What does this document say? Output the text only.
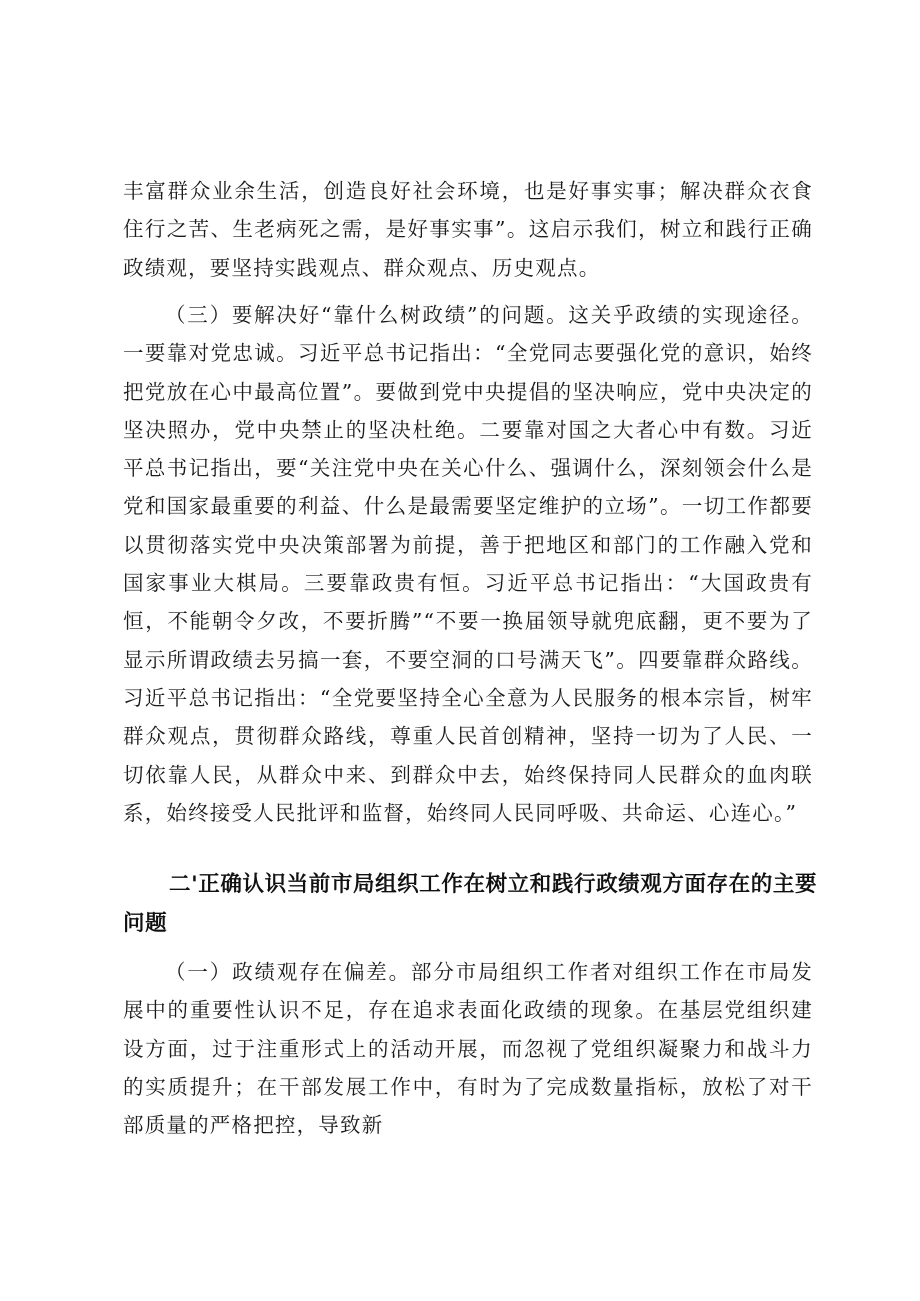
丰富群众业余生活，创造良好社会环境，也是好事实事；解决群众衣食住行之苦、生老病死之需，是好事实事”。这启示我们，树立和践行正确政绩观，要坚持实践观点、群众观点、历史观点。

（三）要解决好“靠什么树政绩”的问题。这关乎政绩的实现途径。一要靠对党忠诚。习近平总书记指出：“全党同志要强化党的意识，始终把党放在心中最高位置”。要做到党中央提倡的坚决响应，党中央决定的坚决照办，党中央禁止的坚决杜绝。二要靠对国之大者心中有数。习近平总书记指出，要“关注党中央在关心什么、强调什么，深刻领会什么是党和国家最重要的利益、什么是最需要坚定维护的立场”。一切工作都要以贯彻落实党中央决策部署为前提，善于把地区和部门的工作融入党和国家事业大棋局。三要靠政贵有恒。习近平总书记指出：“大国政贵有恒，不能朝令夕改，不要折腾”“不要一换届领导就兜底翻，更不要为了显示所谓政绩去另搞一套，不要空洞的口号满天飞”。四要靠群众路线。习近平总书记指出：“全党要坚持全心全意为人民服务的根本宗旨，树牢群众观点，贯彻群众路线，尊重人民首创精神，坚持一切为了人民、一切依靠人民，从群众中来、到群众中去，始终保持同人民群众的血肉联系，始终接受人民批评和监督，始终同人民同呼吸、共命运、心连心。”

二'正确认识当前市局组织工作在树立和践行政绩观方面存在的主要问题

（一）政绩观存在偏差。部分市局组织工作者对组织工作在市局发展中的重要性认识不足，存在追求表面化政绩的现象。在基层党组织建设方面，过于注重形式上的活动开展，而忽视了党组织凝聚力和战斗力的实质提升；在干部发展工作中，有时为了完成数量指标，放松了对干部质量的严格把控，导致新
